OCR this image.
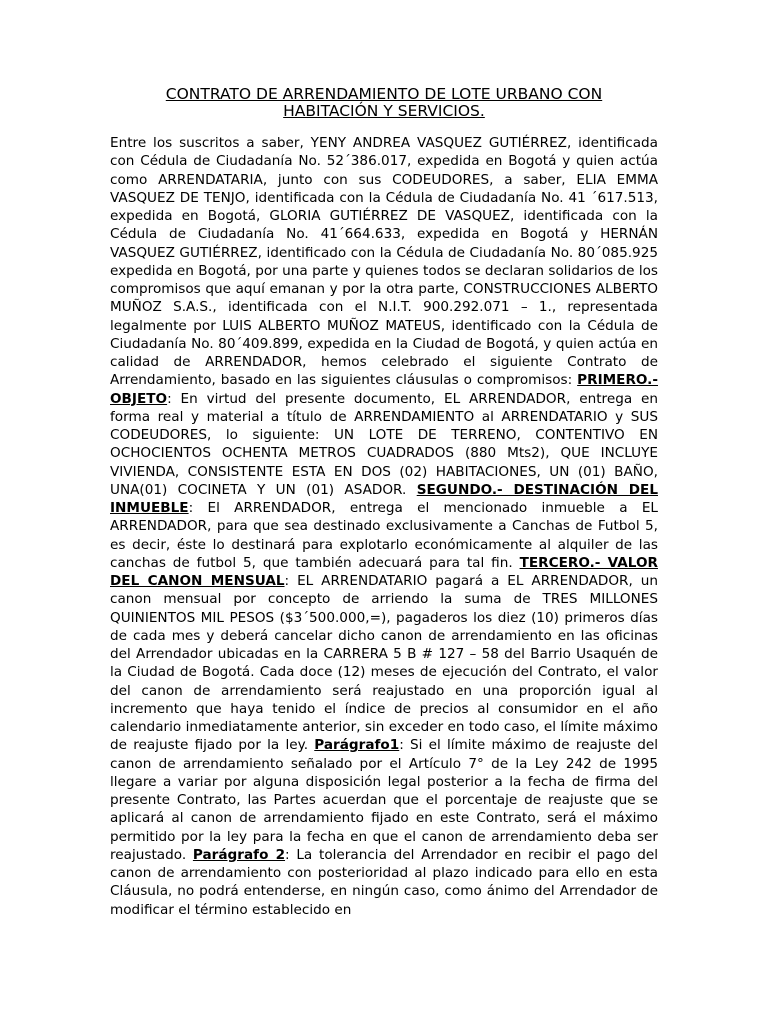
CONTRATO DE ARRENDAMIENTO DE LOTE URBANO CON
HABITACIÓN Y SERVICIOS.

Entre los suscritos a saber, YENY ANDREA VASQUEZ GUTIÉRREZ, identificada con Cédula de Ciudadanía No. 52´386.017, expedida en Bogotá y quien actúa como ARRENDATARIA, junto con sus CODEUDORES, a saber, ELIA EMMA VASQUEZ DE TENJO, identificada con la Cédula de Ciudadanía No. 41 ´617.513, expedida en Bogotá, GLORIA GUTIÉRREZ DE VASQUEZ, identificada con la Cédula de Ciudadanía No. 41´664.633, expedida en Bogotá y HERNÁN VASQUEZ GUTIÉRREZ, identificado con la Cédula de Ciudadanía No. 80´085.925 expedida en Bogotá, por una parte y quienes todos se declaran solidarios de los compromisos que aquí emanan y por la otra parte, CONSTRUCCIONES ALBERTO MUÑOZ S.A.S., identificada con el N.I.T. 900.292.071 – 1., representada legalmente por LUIS ALBERTO MUÑOZ MATEUS, identificado con la Cédula de Ciudadanía No. 80´409.899, expedida en la Ciudad de Bogotá, y quien actúa en calidad de ARRENDADOR, hemos celebrado el siguiente Contrato de Arrendamiento, basado en las siguientes cláusulas o compromisos: PRIMERO.- OBJETO: En virtud del presente documento, EL ARRENDADOR, entrega en forma real y material a título de ARRENDAMIENTO al ARRENDATARIO y SUS CODEUDORES, lo siguiente: UN LOTE DE TERRENO, CONTENTIVO EN OCHOCIENTOS OCHENTA METROS CUADRADOS (880 Mts2), QUE INCLUYE VIVIENDA, CONSISTENTE ESTA EN DOS (02) HABITACIONES, UN (01) BAÑO, UNA(01) COCINETA Y UN (01) ASADOR. SEGUNDO.- DESTINACIÓN DEL INMUEBLE: El ARRENDADOR, entrega el mencionado inmueble a EL ARRENDADOR, para que sea destinado exclusivamente a Canchas de Futbol 5, es decir, éste lo destinará para explotarlo económicamente al alquiler de las canchas de futbol 5, que también adecuará para tal fin. TERCERO.- VALOR DEL CANON MENSUAL: EL ARRENDATARIO pagará a EL ARRENDADOR, un canon mensual por concepto de arriendo la suma de TRES MILLONES QUINIENTOS MIL PESOS ($3´500.000,=), pagaderos los diez (10) primeros días de cada mes y deberá cancelar dicho canon de arrendamiento en las oficinas del Arrendador ubicadas en la CARRERA 5 B # 127 – 58 del Barrio Usaquén de la Ciudad de Bogotá. Cada doce (12) meses de ejecución del Contrato, el valor del canon de arrendamiento será reajustado en una proporción igual al incremento que haya tenido el índice de precios al consumidor en el año calendario inmediatamente anterior, sin exceder en todo caso, el límite máximo de reajuste fijado por la ley. Parágrafo1: Si el límite máximo de reajuste del canon de arrendamiento señalado por el Artículo 7° de la Ley 242 de 1995 llegare a variar por alguna disposición legal posterior a la fecha de firma del presente Contrato, las Partes acuerdan que el porcentaje de reajuste que se aplicará al canon de arrendamiento fijado en este Contrato, será el máximo permitido por la ley para la fecha en que el canon de arrendamiento deba ser reajustado. Parágrafo 2: La tolerancia del Arrendador en recibir el pago del canon de arrendamiento con posterioridad al plazo indicado para ello en esta Cláusula, no podrá entenderse, en ningún caso, como ánimo del Arrendador de modificar el término establecido en
